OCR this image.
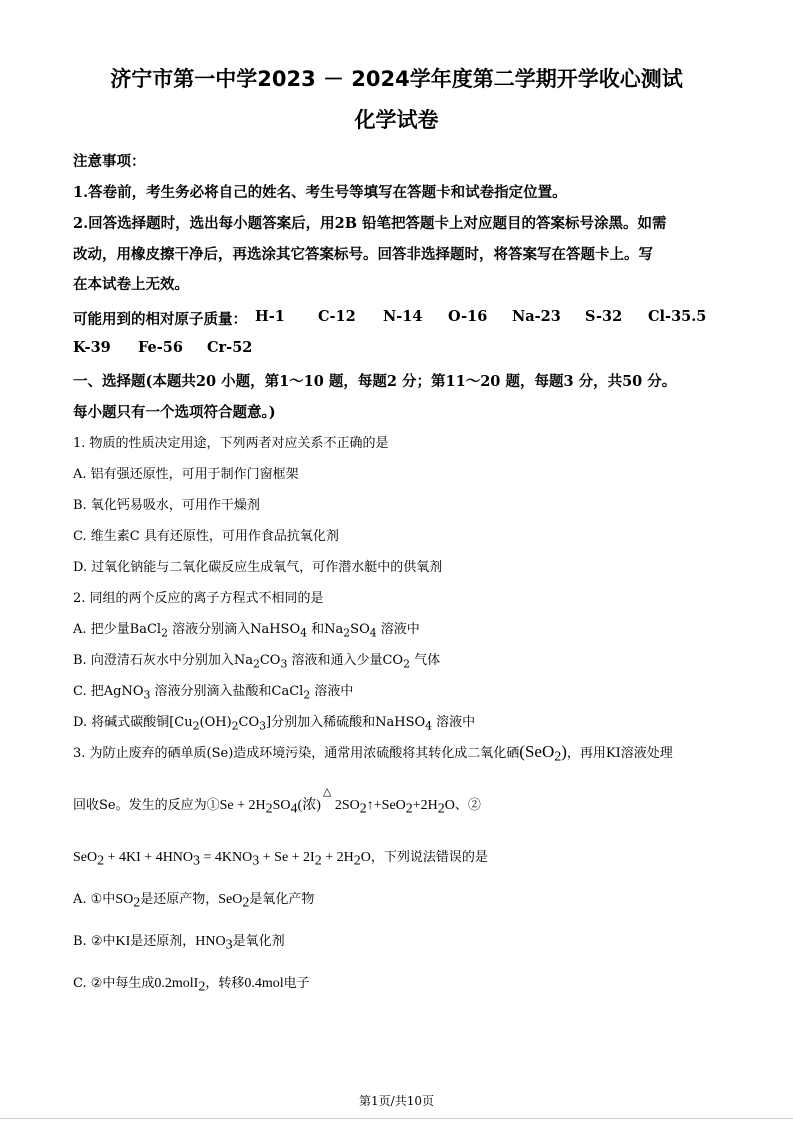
济宁市第一中学2023 － 2024学年度第二学期开学收心测试
化学试卷
注意事项：
1.答卷前，考生务必将自己的姓名、考生号等填写在答题卡和试卷指定位置。
2.回答选择题时，选出每小题答案后，用2B 铅笔把答题卡上对应题目的答案标号涂黑。如需
改动，用橡皮擦干净后，再选涂其它答案标号。回答非选择题时，将答案写在答题卡上。写
在本试卷上无效。
可能用到的相对原子质量： H-1 C-12 N-14 O-16 Na-23 S-32 Cl-35.5
K-39 Fe-56 Cr-52
一、选择题(本题共20 小题，第1～10 题，每题2 分；第11～20 题，每题3 分，共50 分。
每小题只有一个选项符合题意。)
1. 物质的性质决定用途，下列两者对应关系不正确的是
A. 铝有强还原性，可用于制作门窗框架
B. 氧化钙易吸水，可用作干燥剂
C. 维生素C 具有还原性，可用作食品抗氧化剂
D. 过氧化钠能与二氧化碳反应生成氧气，可作潜水艇中的供氧剂
2. 同组的两个反应的离子方程式不相同的是
A. 把少量BaCl$_2$ 溶液分别滴入NaHSO$_4$ 和$Na_2SO_4$ 溶液中
B. 向澄清石灰水中分别加入$Na_2CO_3$ 溶液和通入少量$CO_2$ 气体
C. 把AgNO$_3$ 溶液分别滴入盐酸和CaCl$_2$ 溶液中
D. 将碱式碳酸铜$[Cu_2(OH)_2CO_3]$分别加入稀硫酸和NaHSO$_4$ 溶液中
3. 为防止废弃的硒单质(Se)造成环境污染，通常用浓硫酸将其转化成二氧化硒(SeO$_2$)，再用KI溶液处理
回收Se。发生的反应为①Se + $2H_2SO_4$(浓)
△
$2SO_2↑+SeO_2+2H_2O$、②
$SeO_2 + 4KI + 4HNO_3 = 4KNO_3 + Se + 2I_2 + 2H_2O$，下列说法错误的是
A. ①中$SO_2$是还原产物，SeO$_2$是氧化产物
B. ②中KI是还原剂，$HNO_3$是氧化剂
C. ②中每生成0.2molI$_2$，转移0.4mol电子
第1页/共10页
